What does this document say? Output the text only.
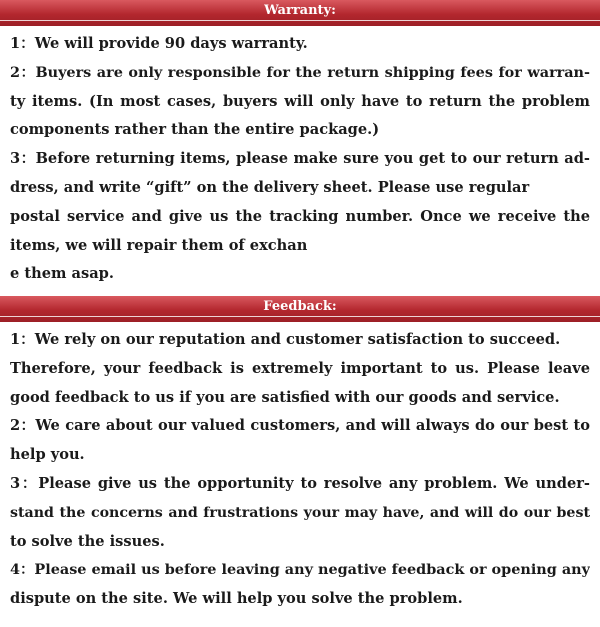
Warranty:
1：We will provide 90 days warranty.
2：Buyers are only responsible for the return shipping fees for warran-
ty items. (In most cases, buyers will only have to return the problem
components rather than the entire package.)
3：Before returning items, please make sure you get to our return ad-
dress, and write “gift” on the delivery sheet. Please use regular
postal service and give us the tracking number. Once we receive the
items, we will repair them of exchan
e them asap.
Feedback:
1：We rely on our reputation and customer satisfaction to succeed.
Therefore, your feedback is extremely important to us. Please leave
good feedback to us if you are satisfied with our goods and service.
2：We care about our valued customers, and will always do our best to
help you.
3：Please give us the opportunity to resolve any problem. We under-
stand the concerns and frustrations your may have, and will do our best
to solve the issues.
4：Please email us before leaving any negative feedback or opening any
dispute on the site. We will help you solve the problem.
